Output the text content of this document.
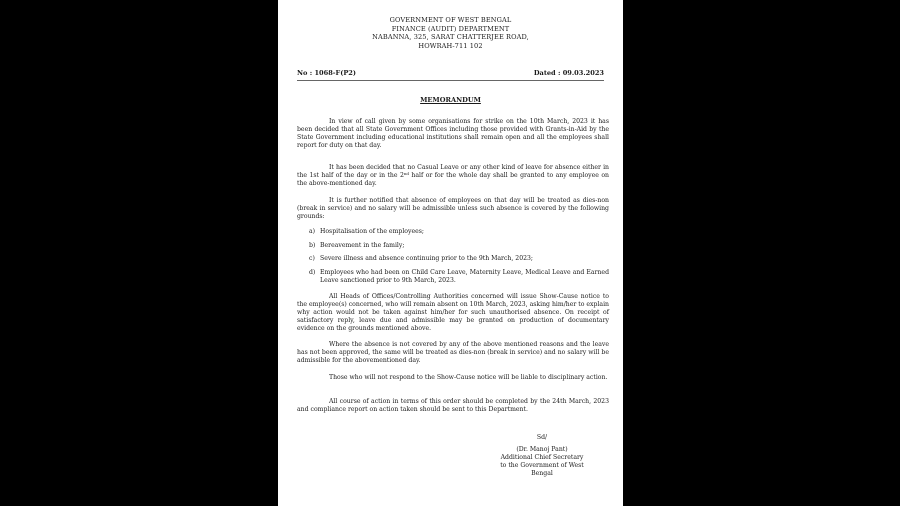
GOVERNMENT OF WEST BENGAL
FINANCE (AUDIT) DEPARTMENT
NABANNA, 325, SARAT CHATTERJEE ROAD,
HOWRAH-711 102
No : 1068-F(P2)	Dated : 09.03.2023
MEMORANDUM

In view of call given by some organisations for strike on the 10th March, 2023 it has been decided that all State Government Offices including those provided with Grants-in-Aid by the State Government including educational institutions shall remain open and all the employees shall report for duty on that day.

It has been decided that no Casual Leave or any other kind of leave for absence either in the 1st half of the day or in the 2nd half or for the whole day shall be granted to any employee on the above-mentioned day.

It is further notified that absence of employees on that day will be treated as dies-non (break in service) and no salary will be admissible unless such absence is covered by the following grounds:

a) Hospitalisation of the employees;
b) Bereavement in the family;
c) Severe illness and absence continuing prior to the 9th March, 2023;
d) Employees who had been on Child Care Leave, Maternity Leave, Medical Leave and Earned Leave sanctioned prior to 9th March, 2023.

All Heads of Offices/Controlling Authorities concerned will issue Show-Cause notice to the employee(s) concerned, who will remain absent on 10th March, 2023, asking him/her to explain why action would not be taken against him/her for such unauthorised absence. On receipt of satisfactory reply, leave due and admissible may be granted on production of documentary evidence on the grounds mentioned above.

Where the absence is not covered by any of the above mentioned reasons and the leave has not been approved, the same will be treated as dies-non (break in service) and no salary will be admissible for the abovementioned day.

Those who will not respond to the Show-Cause notice will be liable to disciplinary action.

All course of action in terms of this order should be completed by the 24th March, 2023 and compliance report on action taken should be sent to this Department.

Sd/
(Dr. Manoj Pant)
Additional Chief Secretary
to the Government of West Bengal
